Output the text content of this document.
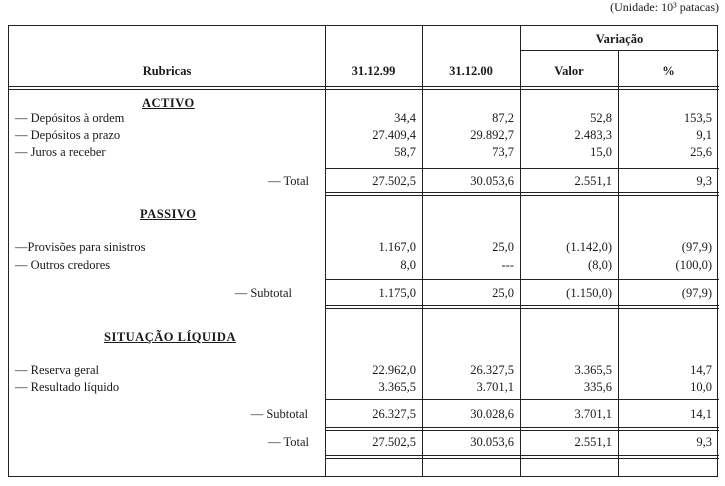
(Unidade: 10³ patacas)
Rubricas	31.12.99	31.12.00
Variação
Valor	%
ACTIVO
— Depósitos à ordem	34,4	87,2	52,8	153,5
— Depósitos a prazo	27.409,4	29.892,7	2.483,3	9,1
— Juros a receber	58,7	73,7	15,0	25,6
— Total	27.502,5	30.053,6	2.551,1	9,3
PASSIVO
—Provisões para sinistros	1.167,0	25,0	(1.142,0)	(97,9)
— Outros credores	8,0	---	(8,0)	(100,0)
— Subtotal	1.175,0	25,0	(1.150,0)	(97,9)
SITUAÇÃO LÍQUIDA
— Reserva geral	22.962,0	26.327,5	3.365,5	14,7
— Resultado líquido	3.365,5	3.701,1	335,6	10,0
— Subtotal	26.327,5	30.028,6	3.701,1	14,1
— Total	27.502,5	30.053,6	2.551,1	9,3
